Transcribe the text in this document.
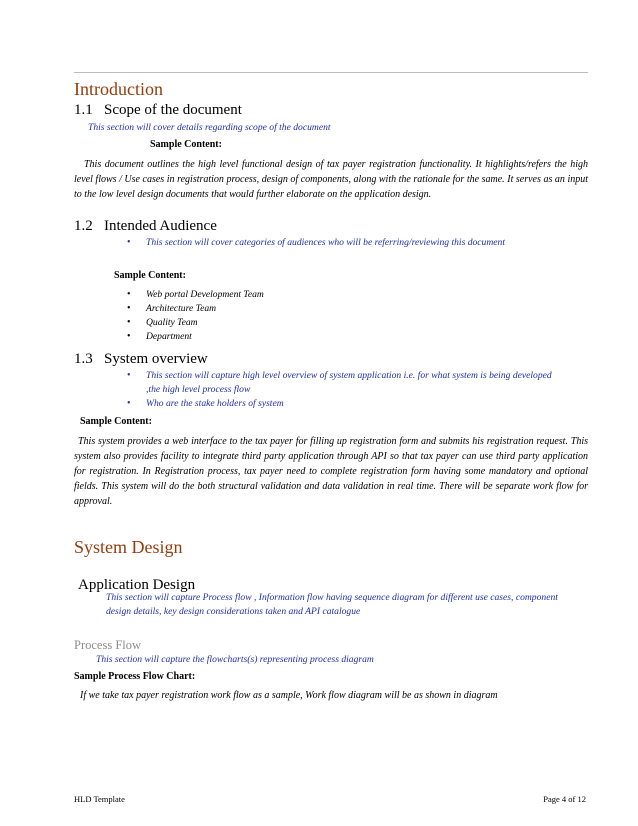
Introduction
1.1 Scope of the document

This section will cover details regarding scope of the document

Sample Content:

This document outlines the high level functional design of tax payer registration functionality. It highlights/refers the high level flows / Use cases in registration process, design of components, along with the rationale for the same. It serves as an input to the low level design documents that would further elaborate on the application design.

1.2 Intended Audience
• This section will cover categories of audiences who will be referring/reviewing this document

Sample Content:

• Web portal Development Team
• Architecture Team
• Quality Team
• Department
1.3 System overview
• This section will capture high level overview of system application i.e. for what system is being developed ,the high level process flow
• Who are the stake holders of system

Sample Content:

This system provides a web interface to the tax payer for filling up registration form and submits his registration request. This system also provides facility to integrate third party application through API so that tax payer can use third party application for registration. In Registration process, tax payer need to complete registration form having some mandatory and optional fields. This system will do the both structural validation and data validation in real time. There will be separate work flow for approval.

System Design
Application Design

This section will capture Process flow , Information flow having sequence diagram for different use cases, component design details, key design considerations taken and API catalogue

Process Flow

This section will capture the flowcharts(s) representing process diagram

Sample Process Flow Chart:

If we take tax payer registration work flow as a sample, Work flow diagram will be as shown in diagram

HLD Template	Page 4 of 12
